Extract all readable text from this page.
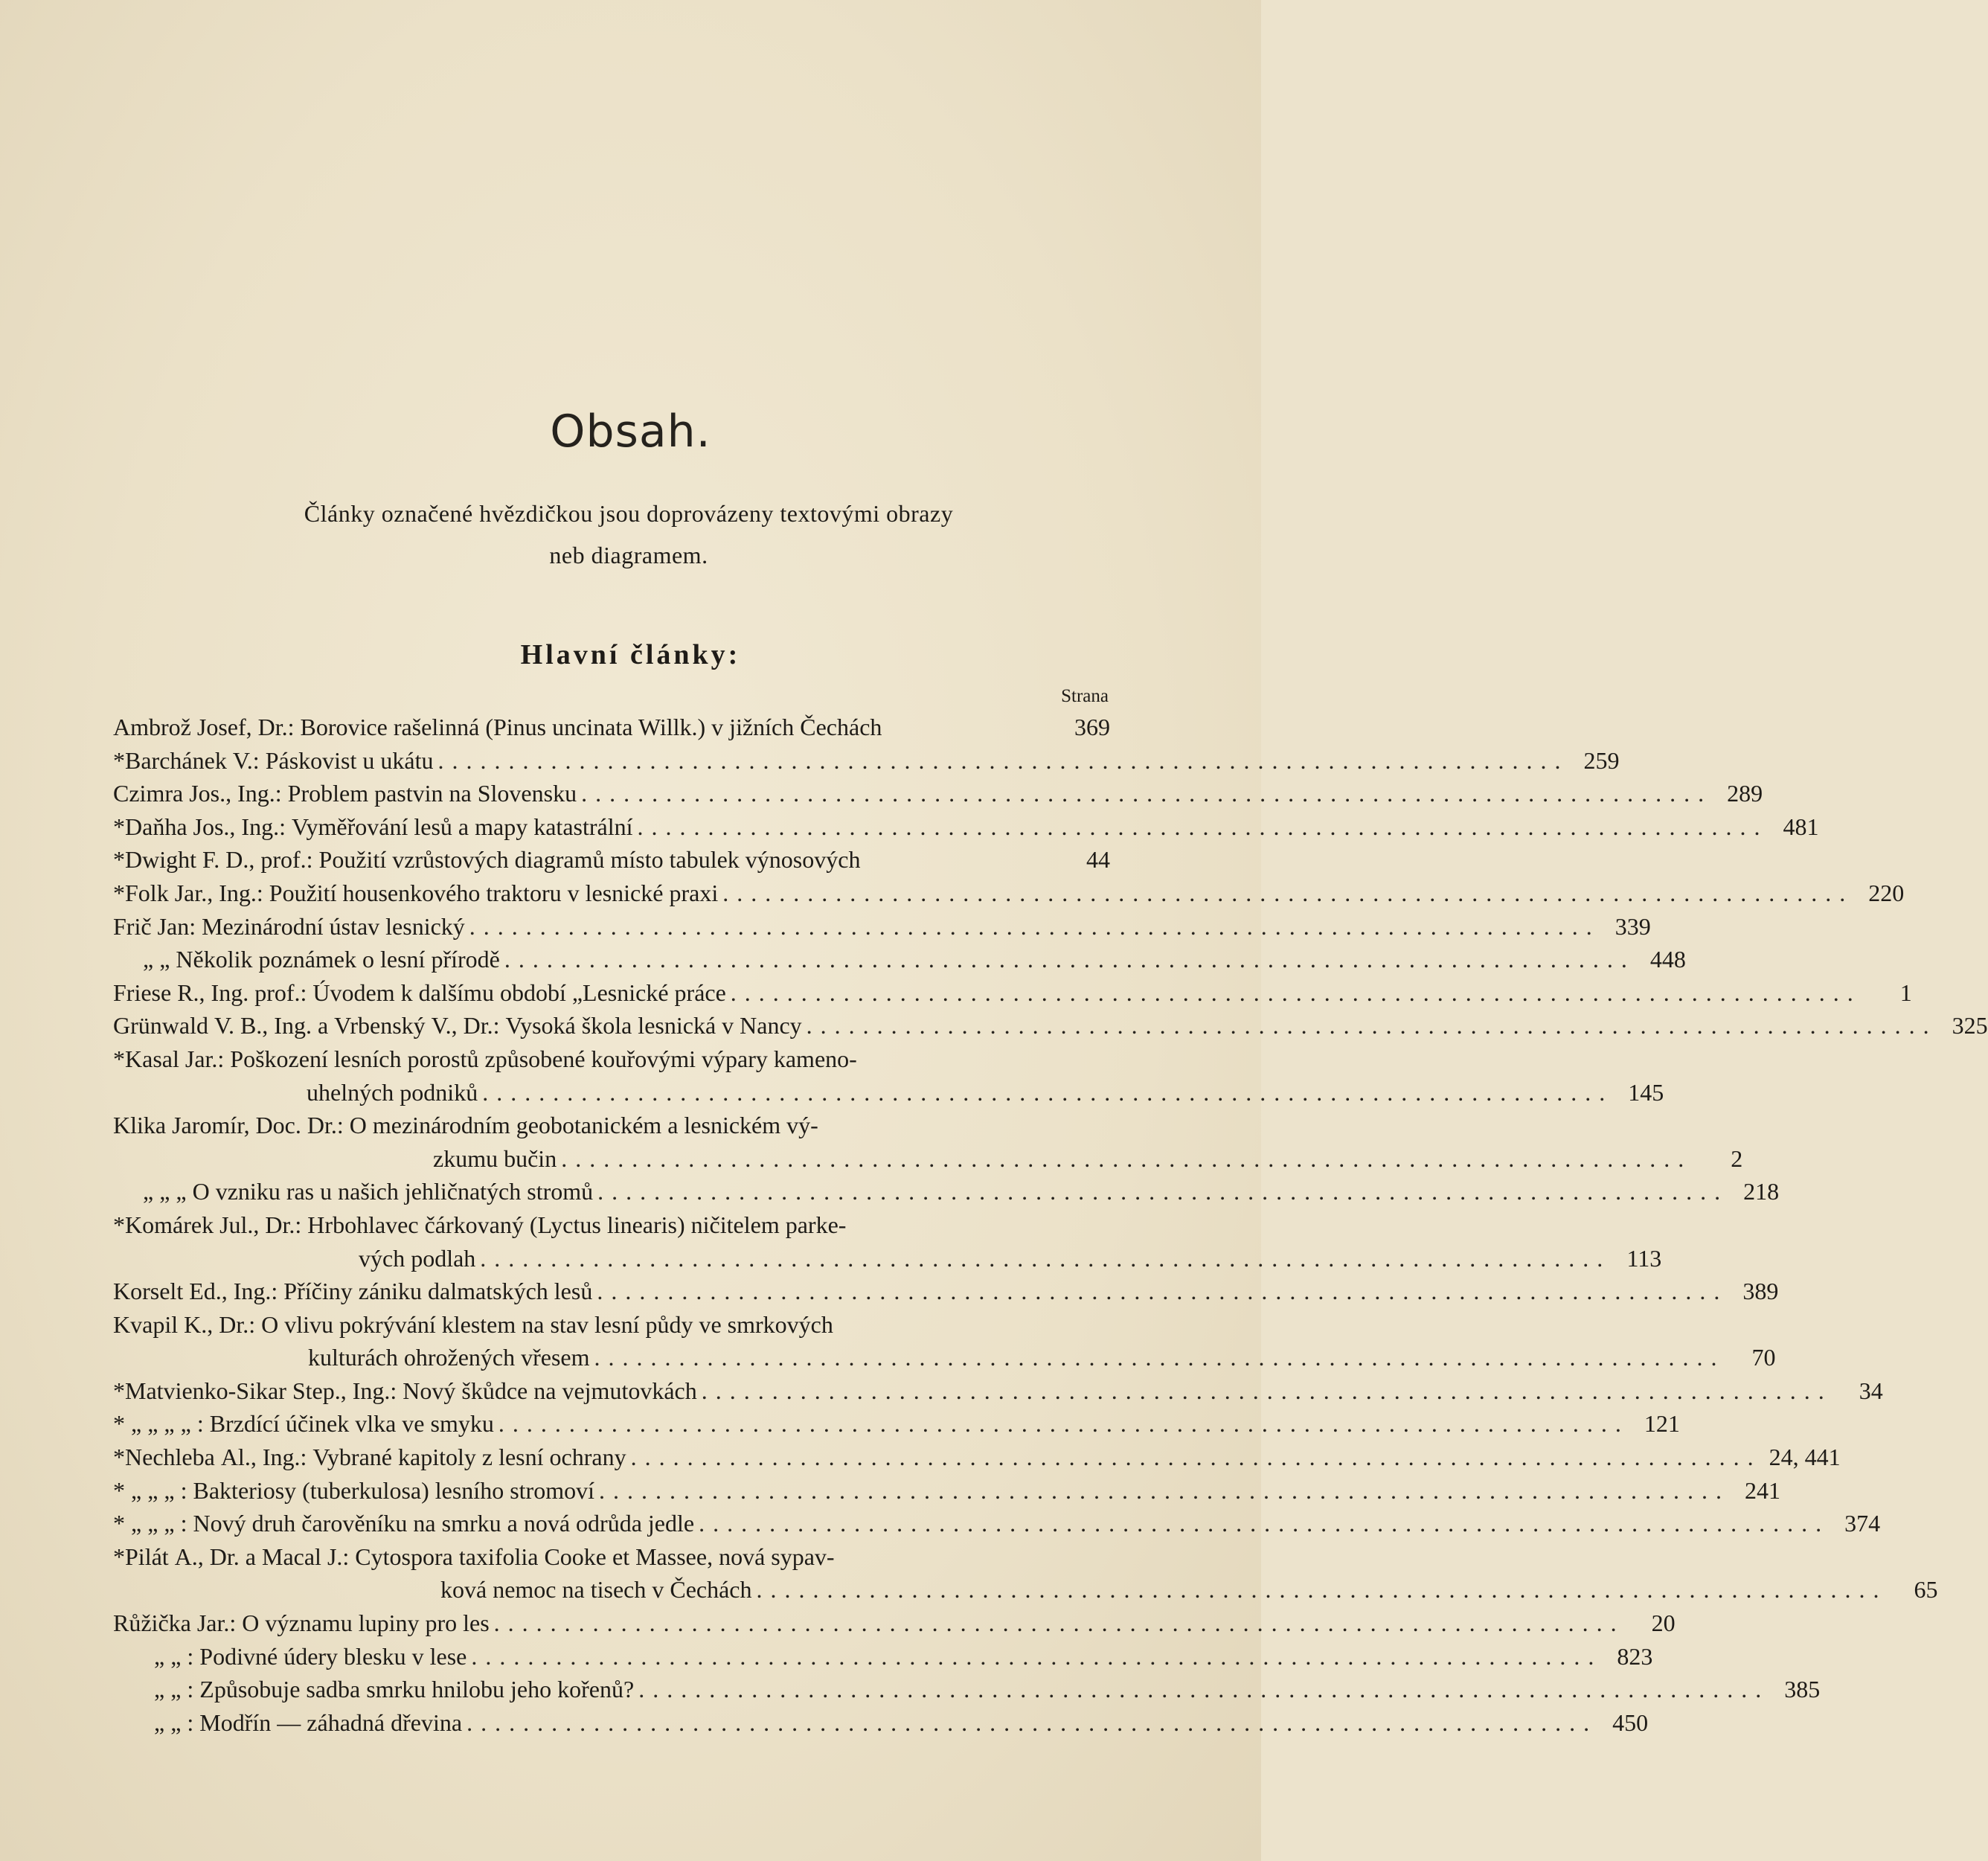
Obsah.
Články označené hvězdičkou jsou doprovázeny textovými obrazy
neb diagramem.
Hlavní články:
Strana
Ambrož Josef, Dr.: Borovice rašelinná (Pinus uncinata Willk.) v jižních Čechách	369
*Barchánek V.: Páskovist u ukátu ................................................................................ 259
Czimra Jos., Ing.: Problem pastvin na Slovensku ................................................................................ 289
*Daňha Jos., Ing.: Vyměřování lesů a mapy katastrální ................................................................................ 481
*Dwight F. D., prof.: Použití vzrůstových diagramů místo tabulek výnosových	44
*Folk Jar., Ing.: Použití housenkového traktoru v lesnické praxi ................................................................................ 220
Frič Jan: Mezinárodní ústav lesnický ................................................................................ 339
„ „ Několik poznámek o lesní přírodě ................................................................................ 448
Friese R., Ing. prof.: Úvodem k dalšímu období „Lesnické práce ................................................................................	1
Grünwald V. B., Ing. a Vrbenský V., Dr.: Vysoká škola lesnická v Nancy ................................................................................ 325
*Kasal Jar.: Poškození lesních porostů způsobené kouřovými výpary kameno-
uhelných podniků ................................................................................ 145
Klika Jaromír, Doc. Dr.: O mezinárodním geobotanickém a lesnickém vý-
zkumu bučin ................................................................................	2
„ „ „ O vzniku ras u našich jehličnatých stromů ................................................................................ 218
*Komárek Jul., Dr.: Hrbohlavec čárkovaný (Lyctus linearis) ničitelem parke-
vých podlah ................................................................................ 113
Korselt Ed., Ing.: Příčiny zániku dalmatských lesů ................................................................................ 389
Kvapil K., Dr.: O vlivu pokrývání klestem na stav lesní půdy ve smrkových
kulturách ohrožených vřesem ................................................................................	70
*Matvienko-Sikar Step., Ing.: Nový škůdce na vejmutovkách ................................................................................	34
* „ „ „ „ : Brzdící účinek vlka ve smyku ................................................................................ 121
*Nechleba Al., Ing.: Vybrané kapitoly z lesní ochrany ................................................................................ 24, 441
* „ „ „ : Bakteriosy (tuberkulosa) lesního stromoví ................................................................................ 241
* „ „ „ : Nový druh čarověníku na smrku a nová odrůda jedle ................................................................................ 374
*Pilát A., Dr. a Macal J.: Cytospora taxifolia Cooke et Massee, nová sypav-
ková nemoc na tisech v Čechách ................................................................................	65
Růžička Jar.: O významu lupiny pro les ................................................................................	20
„ „ : Podivné údery blesku v lese ................................................................................ 823
„ „ : Způsobuje sadba smrku hnilobu jeho kořenů? ................................................................................ 385
„ „ : Modřín — záhadná dřevina ................................................................................ 450
